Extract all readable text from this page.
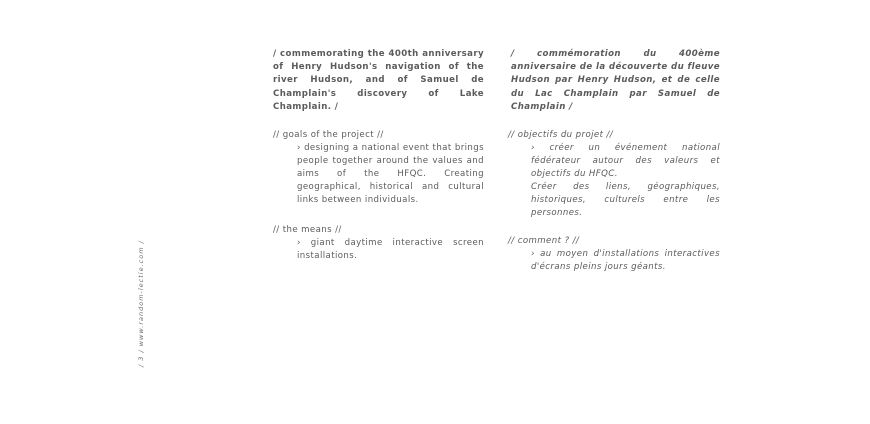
/ commemorating the 400th anniversary of Henry Hudson's navigation of the river Hudson, and of Samuel de Champlain's discovery of Lake Champlain. /

// goals of the project //

› designing a national event that brings people together around the values and aims of the HFQC. Creating geographical, historical and cultural links between individuals.

// the means //

› giant daytime interactive screen installations.

/ commémoration du 400ème anniversaire de la découverte du fleuve Hudson par Henry Hudson, et de celle du Lac Champlain par Samuel de Champlain /

// objectifs du projet //

› créer un événement national fédérateur autour des valeurs et objectifs du HFQC.

Créer des liens, géographiques, historiques, culturels entre les personnes.

// comment ? //

› au moyen d'installations interactives d'écrans pleins jours géants.

/ 3 / www.random-lectie.com /
